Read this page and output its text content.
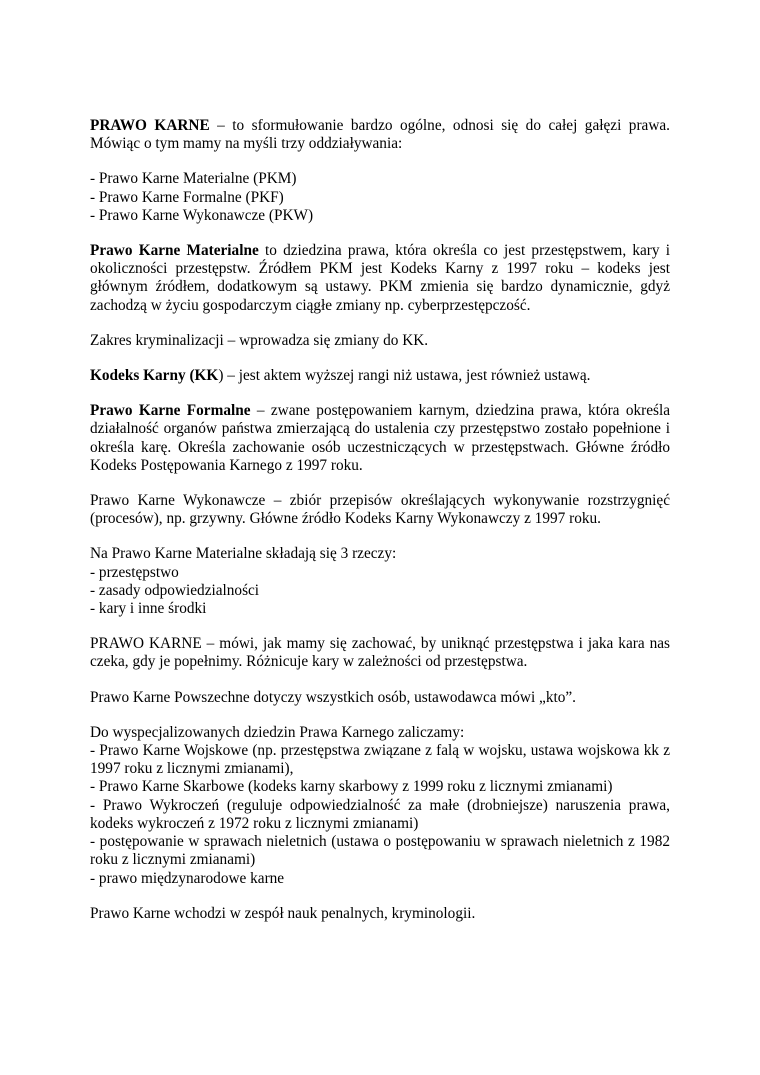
PRAWO KARNE – to sformułowanie bardzo ogólne, odnosi się do całej gałęzi prawa.
Mówiąc o tym mamy na myśli trzy oddziaływania:
- Prawo Karne Materialne (PKM)
- Prawo Karne Formalne (PKF)
- Prawo Karne Wykonawcze (PKW)
Prawo Karne Materialne to dziedzina prawa, która określa co jest przestępstwem, kary i
okoliczności przestępstw. Źródłem PKM jest Kodeks Karny z 1997 roku – kodeks jest
głównym źródłem, dodatkowym są ustawy. PKM zmienia się bardzo dynamicznie, gdyż
zachodzą w życiu gospodarczym ciągłe zmiany np. cyberprzestępczość.
Zakres kryminalizacji – wprowadza się zmiany do KK.
Kodeks Karny (KK) – jest aktem wyższej rangi niż ustawa, jest również ustawą.
Prawo Karne Formalne – zwane postępowaniem karnym, dziedzina prawa, która określa
działalność organów państwa zmierzającą do ustalenia czy przestępstwo zostało popełnione i
określa karę. Określa zachowanie osób uczestniczących w przestępstwach. Główne źródło
Kodeks Postępowania Karnego z 1997 roku.
Prawo Karne Wykonawcze – zbiór przepisów określających wykonywanie rozstrzygnięć
(procesów), np. grzywny. Główne źródło Kodeks Karny Wykonawczy z 1997 roku.
Na Prawo Karne Materialne składają się 3 rzeczy:
- przestępstwo
- zasady odpowiedzialności
- kary i inne środki
PRAWO KARNE – mówi, jak mamy się zachować, by uniknąć przestępstwa i jaka kara nas
czeka, gdy je popełnimy. Różnicuje kary w zależności od przestępstwa.
Prawo Karne Powszechne dotyczy wszystkich osób, ustawodawca mówi „kto”.
Do wyspecjalizowanych dziedzin Prawa Karnego zaliczamy:
- Prawo Karne Wojskowe (np. przestępstwa związane z falą w wojsku, ustawa wojskowa kk z
1997 roku z licznymi zmianami),
- Prawo Karne Skarbowe (kodeks karny skarbowy z 1999 roku z licznymi zmianami)
- Prawo Wykroczeń (reguluje odpowiedzialność za małe (drobniejsze) naruszenia prawa,
kodeks wykroczeń z 1972 roku z licznymi zmianami)
- postępowanie w sprawach nieletnich (ustawa o postępowaniu w sprawach nieletnich z 1982
roku z licznymi zmianami)
- prawo międzynarodowe karne
Prawo Karne wchodzi w zespół nauk penalnych, kryminologii.
